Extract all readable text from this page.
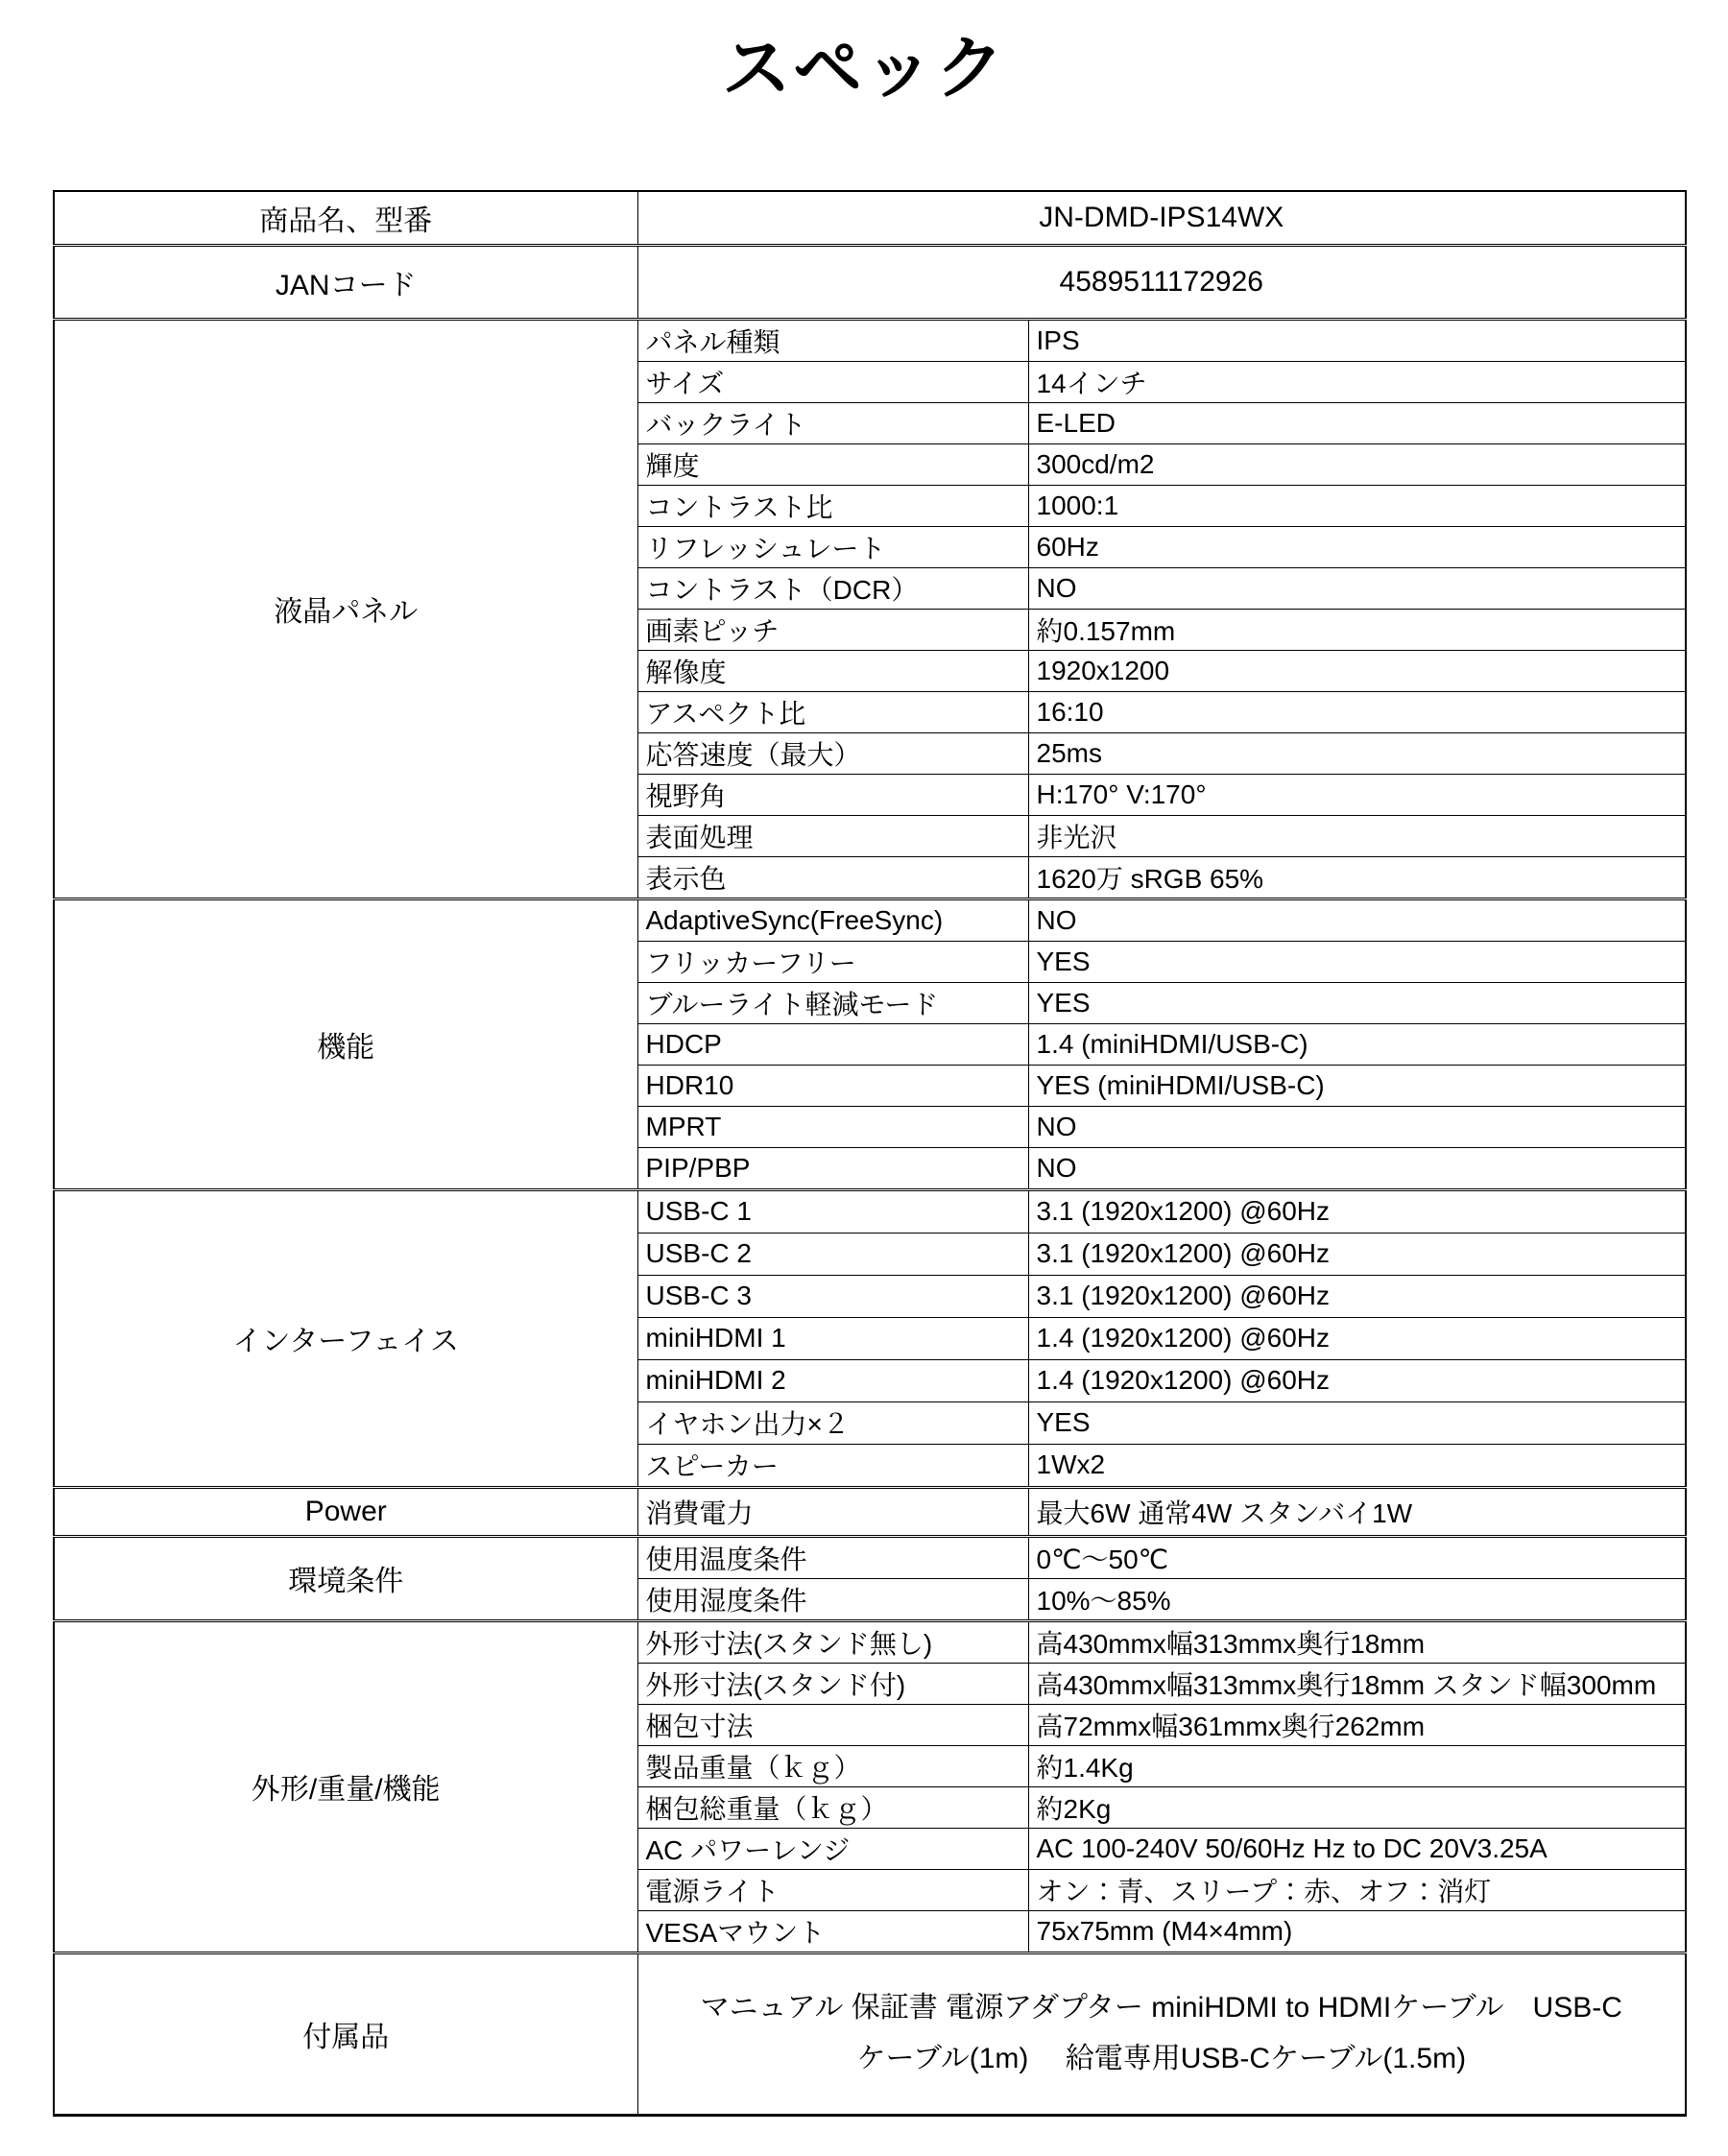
スペック
商品名、型番	JN-DMD-IPS14WX	
JANコード	4589511172926	
液晶パネル	パネル種類	IPS
	サイズ	14インチ
	バックライト	E-LED
	輝度	300cd/m2
	コントラスト比	1000:1
	リフレッシュレート	60Hz
	コントラスト（DCR）	NO
	画素ピッチ	約0.157mm
	解像度	1920x1200
	アスペクト比	16:10
	応答速度（最大）	25ms
	視野角	H:170° V:170°
	表面処理	非光沢
	表示色	1620万 sRGB 65%
機能	AdaptiveSync(FreeSync)	NO
	フリッカーフリー	YES
	ブルーライト軽減モード	YES
	HDCP	1.4 (miniHDMI/USB-C)
	HDR10	YES (miniHDMI/USB-C)
	MPRT	NO
	PIP/PBP	NO
インターフェイス	USB-C 1	3.1 (1920x1200) @60Hz
	USB-C 2	3.1 (1920x1200) @60Hz
	USB-C 3	3.1 (1920x1200) @60Hz
	miniHDMI 1	1.4 (1920x1200) @60Hz
	miniHDMI 2	1.4 (1920x1200) @60Hz
	イヤホン出力×２	YES
	スピーカー	1Wx2
Power	消費電力	最大6W 通常4W スタンバイ1W
環境条件	使用温度条件	0℃～50℃
	使用湿度条件	10%～85%
外形/重量/機能	外形寸法(スタンド無し)	高430mmx幅313mmx奥行18mm
	外形寸法(スタンド付)	高430mmx幅313mmx奥行18mm スタンド幅300mm
	梱包寸法	高72mmx幅361mmx奥行262mm
	製品重量（ｋｇ）	約1.4Kg
	梱包総重量（ｋｇ）	約2Kg
	AC パワーレンジ	AC 100-240V 50/60Hz Hz to DC 20V3.25A
	電源ライト	オン：青、スリープ：赤、オフ：消灯
	VESAマウント	75x75mm (M4×4mm)
付属品	マニュアル 保証書 電源アダプター miniHDMI to HDMIケーブル　USB-Cケーブル(1m)　 給電専用USB-Cケーブル(1.5m)	
